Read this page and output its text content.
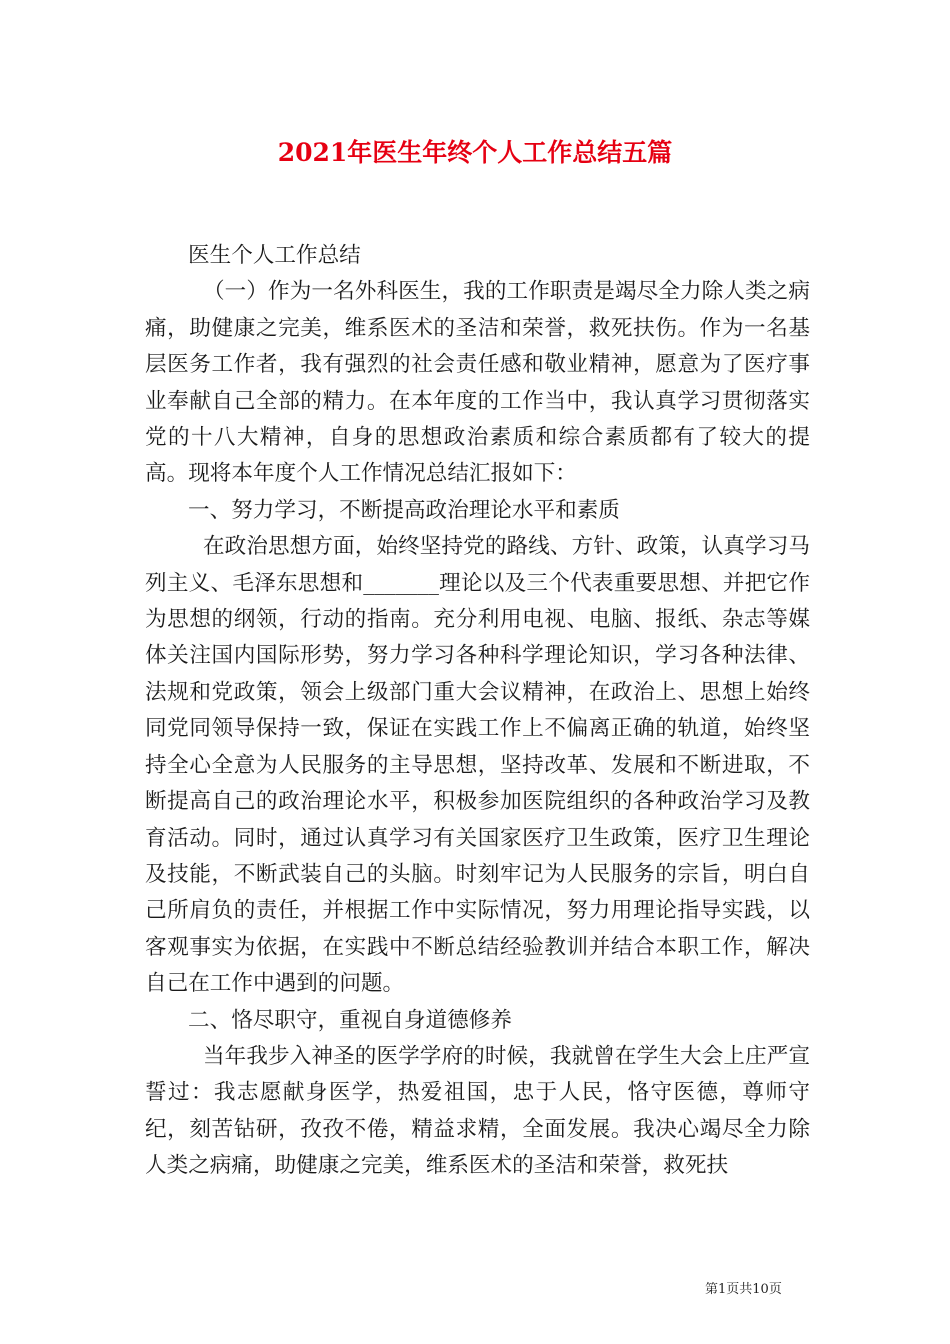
2021年医生年终个人工作总结五篇

医生个人工作总结

（一）作为一名外科医生，我的工作职责是竭尽全力除人类之病痛，助健康之完美，维系医术的圣洁和荣誉，救死扶伤。作为一名基层医务工作者，我有强烈的社会责任感和敬业精神，愿意为了医疗事业奉献自己全部的精力。在本年度的工作当中，我认真学习贯彻落实党的十八大精神，自身的思想政治素质和综合素质都有了较大的提高。现将本年度个人工作情况总结汇报如下：

一、努力学习，不断提高政治理论水平和素质

在政治思想方面，始终坚持党的路线、方针、政策，认真学习马列主义、毛泽东思想和_______理论以及三个代表重要思想、并把它作为思想的纲领，行动的指南。充分利用电视、电脑、报纸、杂志等媒体关注国内国际形势，努力学习各种科学理论知识，学习各种法律、法规和党政策，领会上级部门重大会议精神，在政治上、思想上始终同党同领导保持一致，保证在实践工作上不偏离正确的轨道，始终坚持全心全意为人民服务的主导思想，坚持改革、发展和不断进取，不断提高自己的政治理论水平，积极参加医院组织的各种政治学习及教育活动。同时，通过认真学习有关国家医疗卫生政策，医疗卫生理论及技能，不断武装自己的头脑。时刻牢记为人民服务的宗旨，明白自己所肩负的责任，并根据工作中实际情况，努力用理论指导实践，以客观事实为依据，在实践中不断总结经验教训并结合本职工作，解决自己在工作中遇到的问题。

二、恪尽职守，重视自身道德修养

当年我步入神圣的医学学府的时候，我就曾在学生大会上庄严宣誓过：我志愿献身医学，热爱祖国，忠于人民，恪守医德，尊师守纪，刻苦钻研，孜孜不倦，精益求精，全面发展。我决心竭尽全力除人类之病痛，助健康之完美，维系医术的圣洁和荣誉，救死扶

第1页共10页
